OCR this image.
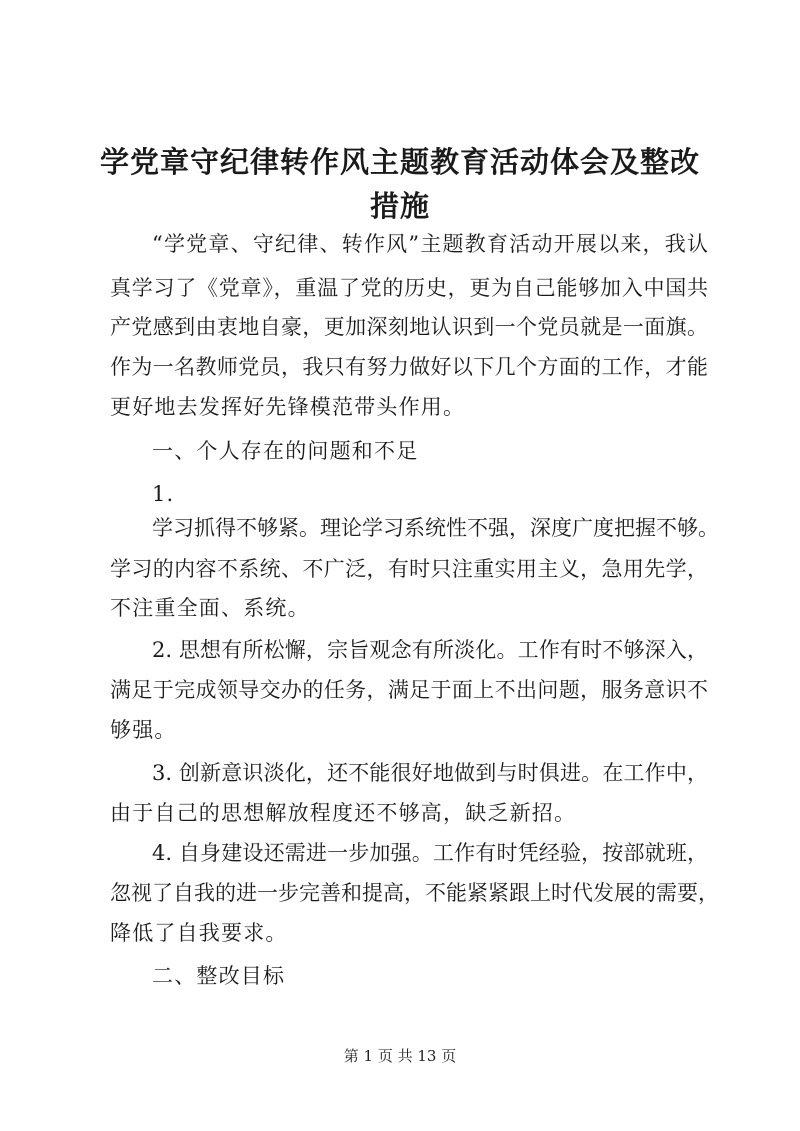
学党章守纪律转作风主题教育活动体会及整改
措施
“学党章、守纪律、转作风”主题教育活动开展以来，我认
真学习了《党章》，重温了党的历史，更为自己能够加入中国共
产党感到由衷地自豪，更加深刻地认识到一个党员就是一面旗。
作为一名教师党员，我只有努力做好以下几个方面的工作，才能
更好地去发挥好先锋模范带头作用。
一、个人存在的问题和不足
1.
学习抓得不够紧。理论学习系统性不强，深度广度把握不够。
学习的内容不系统、不广泛，有时只注重实用主义，急用先学，
不注重全面、系统。
2. 思想有所松懈，宗旨观念有所淡化。工作有时不够深入，
满足于完成领导交办的任务，满足于面上不出问题，服务意识不
够强。
3. 创新意识淡化，还不能很好地做到与时俱进。在工作中，
由于自己的思想解放程度还不够高，缺乏新招。
4. 自身建设还需进一步加强。工作有时凭经验，按部就班，
忽视了自我的进一步完善和提高，不能紧紧跟上时代发展的需要，
降低了自我要求。
二、整改目标
第 1 页 共 13 页
